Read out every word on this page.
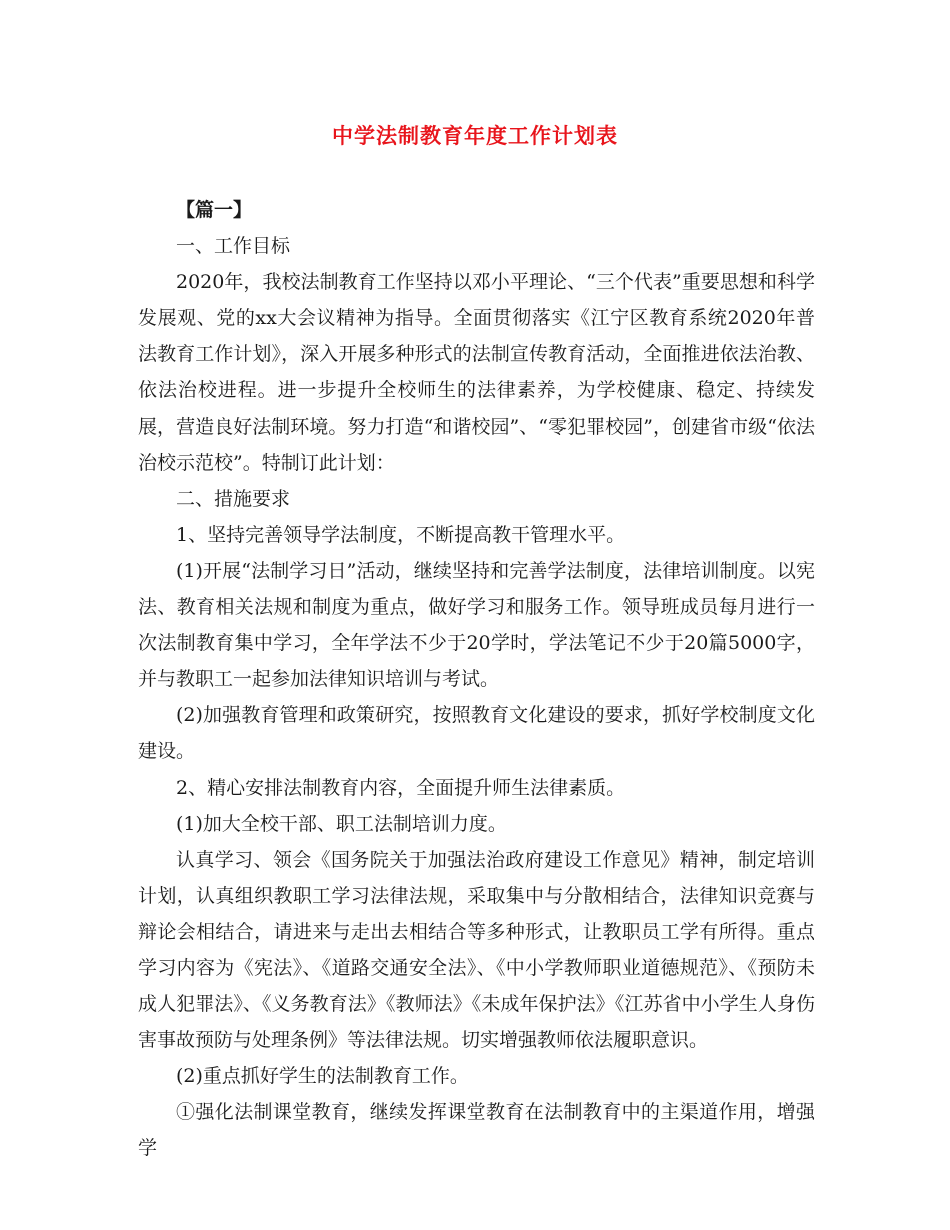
中学法制教育年度工作计划表

【篇一】

一、工作目标

2020年，我校法制教育工作坚持以邓小平理论、“三个代表”重要思想和科学发展观、党的xx大会议精神为指导。全面贯彻落实《江宁区教育系统2020年普法教育工作计划》，深入开展多种形式的法制宣传教育活动，全面推进依法治教、依法治校进程。进一步提升全校师生的法律素养，为学校健康、稳定、持续发展，营造良好法制环境。努力打造“和谐校园”、“零犯罪校园”，创建省市级“依法治校示范校”。特制订此计划：

二、措施要求

1、坚持完善领导学法制度，不断提高教干管理水平。

(1)开展“法制学习日”活动，继续坚持和完善学法制度，法律培训制度。以宪法、教育相关法规和制度为重点，做好学习和服务工作。领导班成员每月进行一次法制教育集中学习，全年学法不少于20学时，学法笔记不少于20篇5000字，并与教职工一起参加法律知识培训与考试。

(2)加强教育管理和政策研究，按照教育文化建设的要求，抓好学校制度文化建设。

2、精心安排法制教育内容，全面提升师生法律素质。

(1)加大全校干部、职工法制培训力度。

认真学习、领会《国务院关于加强法治政府建设工作意见》精神，制定培训计划，认真组织教职工学习法律法规，采取集中与分散相结合，法律知识竞赛与辩论会相结合，请进来与走出去相结合等多种形式，让教职员工学有所得。重点学习内容为《宪法》、《道路交通安全法》、《中小学教师职业道德规范》、《预防未成人犯罪法》、《义务教育法》《教师法》《未成年保护法》《江苏省中小学生人身伤害事故预防与处理条例》等法律法规。切实增强教师依法履职意识。

(2)重点抓好学生的法制教育工作。

①强化法制课堂教育，继续发挥课堂教育在法制教育中的主渠道作用，增强学
